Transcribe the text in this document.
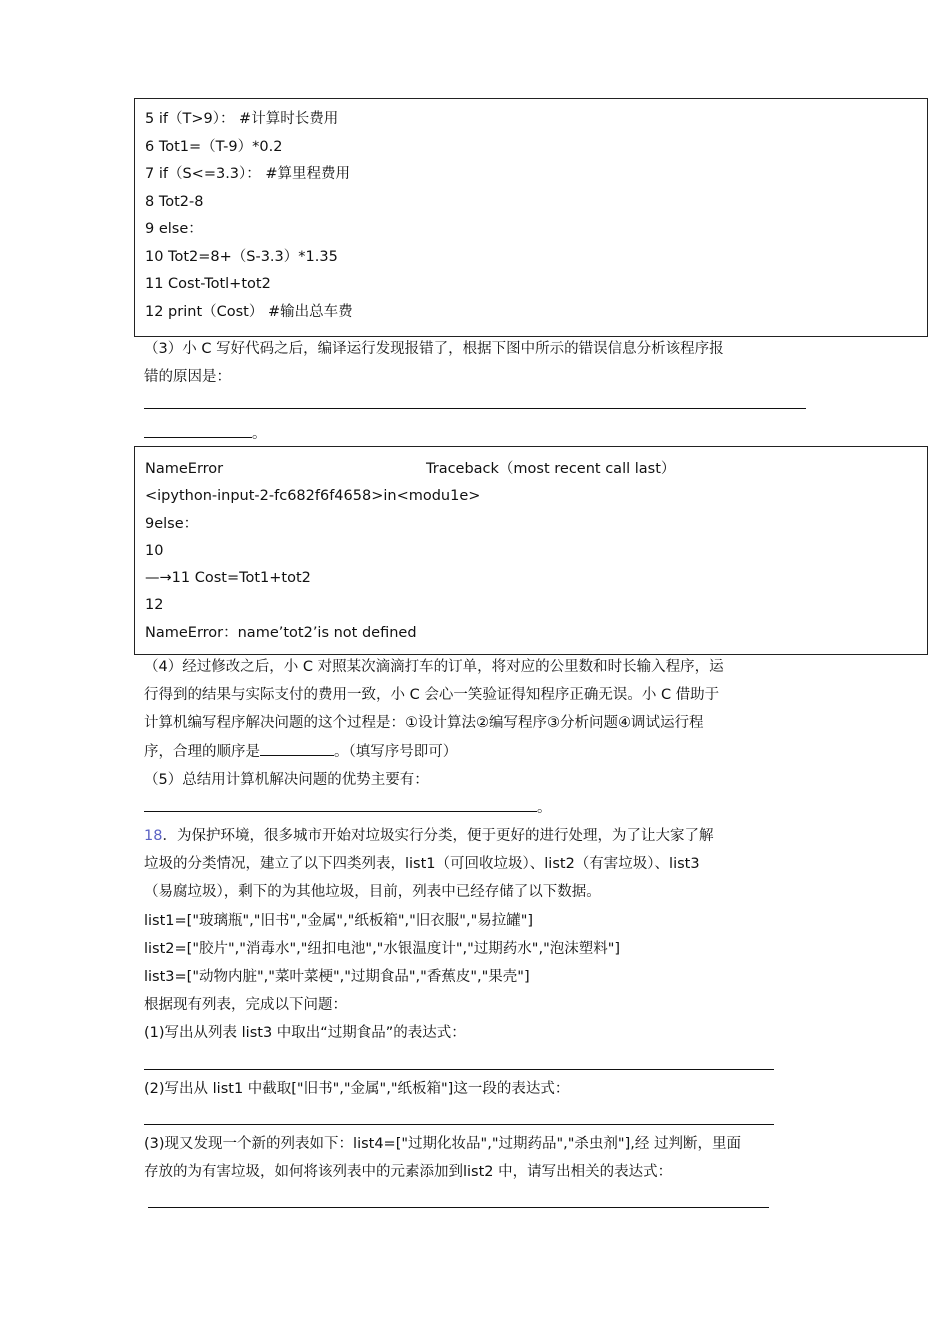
5 if（T>9）： #计算时长费用
6 Tot1=（T-9）*0.2
7 if（S<=3.3）： #算里程费用
8 Tot2-8
9 else：
10 Tot2=8+（S-3.3）*1.35
11 Cost-Totl+tot2
12 print（Cost） #输出总车费
（3）小 C 写好代码之后，编译运行发现报错了，根据下图中所示的错误信息分析该程序报
错的原因是：
。
NameError	Traceback（most recent call last）
<ipython-input-2-fc682f6f4658>in<modu1e>
9else：
10
—→11 Cost=Tot1+tot2
12
NameError：name’tot2’is not defined
（4）经过修改之后，小 C 对照某次滴滴打车的订单，将对应的公里数和时长输入程序，运
行得到的结果与实际支付的费用一致，小 C 会心一笑验证得知程序正确无误。小 C 借助于
计算机编写程序解决问题的这个过程是：①设计算法②编写程序③分析问题④调试运行程
序，合理的顺序是	。（填写序号即可）
（5）总结用计算机解决问题的优势主要有：
。
18．为保护环境，很多城市开始对垃圾实行分类，便于更好的进行处理，为了让大家了解
垃圾的分类情况，建立了以下四类列表，list1（可回收垃圾）、list2（有害垃圾）、list3
（易腐垃圾），剩下的为其他垃圾，目前，列表中已经存储了以下数据。
list1=["玻璃瓶","旧书","金属","纸板箱","旧衣服","易拉罐"]
list2=["胶片","消毒水","纽扣电池","水银温度计","过期药水","泡沫塑料"]
list3=["动物内脏","菜叶菜梗","过期食品","香蕉皮","果壳"]
根据现有列表，完成以下问题：
(1)写出从列表 list3 中取出“过期食品”的表达式：
(2)写出从 list1 中截取["旧书","金属","纸板箱"]这一段的表达式：
(3)现又发现一个新的列表如下：list4=["过期化妆品","过期药品","杀虫剂"],经 过判断，里面
存放的为有害垃圾，如何将该列表中的元素添加到list2 中，请写出相关的表达式：
